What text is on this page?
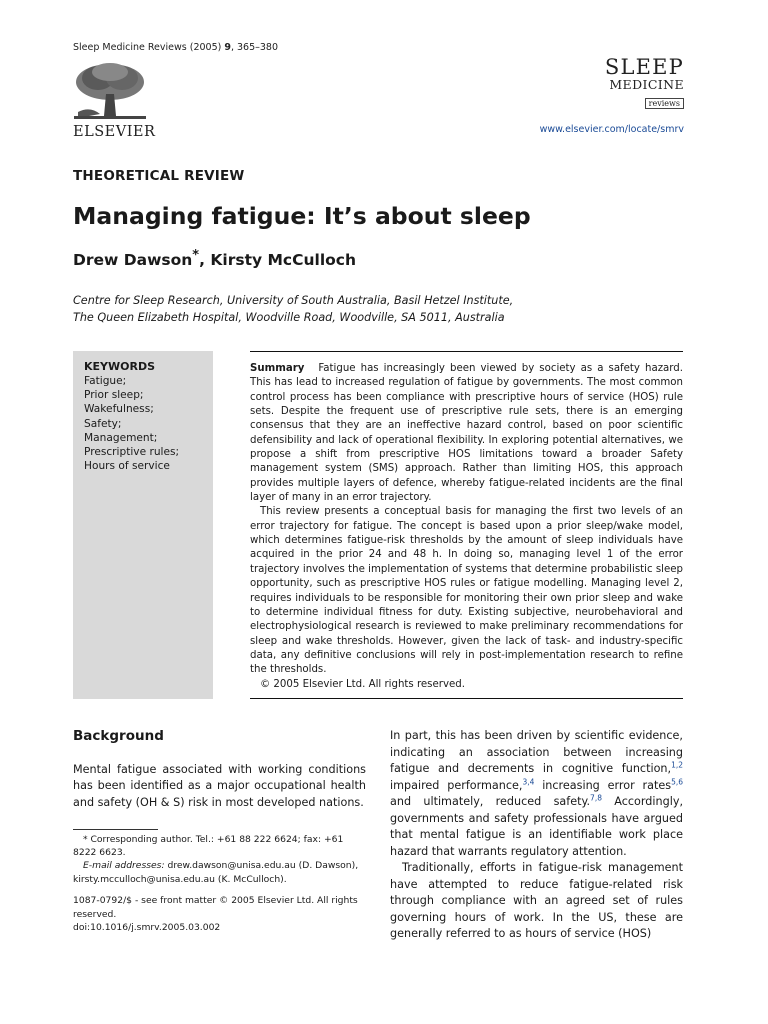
Sleep Medicine Reviews (2005) 9, 365–380
ELSEVIER
SLEEP
MEDICINE
reviews
www.elsevier.com/locate/smrv
THEORETICAL REVIEW
Managing fatigue: It’s about sleep
Drew Dawson*, Kirsty McCulloch
Centre for Sleep Research, University of South Australia, Basil Hetzel Institute,
The Queen Elizabeth Hospital, Woodville Road, Woodville, SA 5011, Australia
KEYWORDS
Fatigue;
Prior sleep;
Wakefulness;
Safety;
Management;
Prescriptive rules;
Hours of service

Summary Fatigue has increasingly been viewed by society as a safety hazard. This has lead to increased regulation of fatigue by governments. The most common control process has been compliance with prescriptive hours of service (HOS) rule sets. Despite the frequent use of prescriptive rule sets, there is an emerging consensus that they are an ineffective hazard control, based on poor scientific defensibility and lack of operational flexibility. In exploring potential alternatives, we propose a shift from prescriptive HOS limitations toward a broader Safety management system (SMS) approach. Rather than limiting HOS, this approach provides multiple layers of defence, whereby fatigue-related incidents are the final layer of many in an error trajectory.

This review presents a conceptual basis for managing the first two levels of an error trajectory for fatigue. The concept is based upon a prior sleep/wake model, which determines fatigue-risk thresholds by the amount of sleep individuals have acquired in the prior 24 and 48 h. In doing so, managing level 1 of the error trajectory involves the implementation of systems that determine probabilistic sleep opportunity, such as prescriptive HOS rules or fatigue modelling. Managing level 2, requires individuals to be responsible for monitoring their own prior sleep and wake to determine individual fitness for duty. Existing subjective, neurobehavioral and electrophysiological research is reviewed to make preliminary recommendations for sleep and wake thresholds. However, given the lack of task- and industry-specific data, any definitive conclusions will rely in post-implementation research to refine the thresholds.

© 2005 Elsevier Ltd. All rights reserved.

Background
Mental fatigue associated with working conditions has been identified as a major occupational health and safety (OH & S) risk in most developed nations.

* Corresponding author. Tel.: +61 88 222 6624; fax: +61 8222 6623.

E-mail addresses: drew.dawson@unisa.edu.au (D. Dawson), kirsty.mcculloch@unisa.edu.au (K. McCulloch).

1087-0792/$ - see front matter © 2005 Elsevier Ltd. All rights reserved.

doi:10.1016/j.smrv.2005.03.002

In part, this has been driven by scientific evidence, indicating an association between increasing fatigue and decrements in cognitive function,$^{1,2}$ impaired performance,$^{3,4}$ increasing error rates$^{5,6}$ and ultimately, reduced safety.$^{7,8}$ Accordingly, governments and safety professionals have argued that mental fatigue is an identifiable work place hazard that warrants regulatory attention.

Traditionally, efforts in fatigue-risk management have attempted to reduce fatigue-related risk through compliance with an agreed set of rules governing hours of work. In the US, these are generally referred to as hours of service (HOS)
